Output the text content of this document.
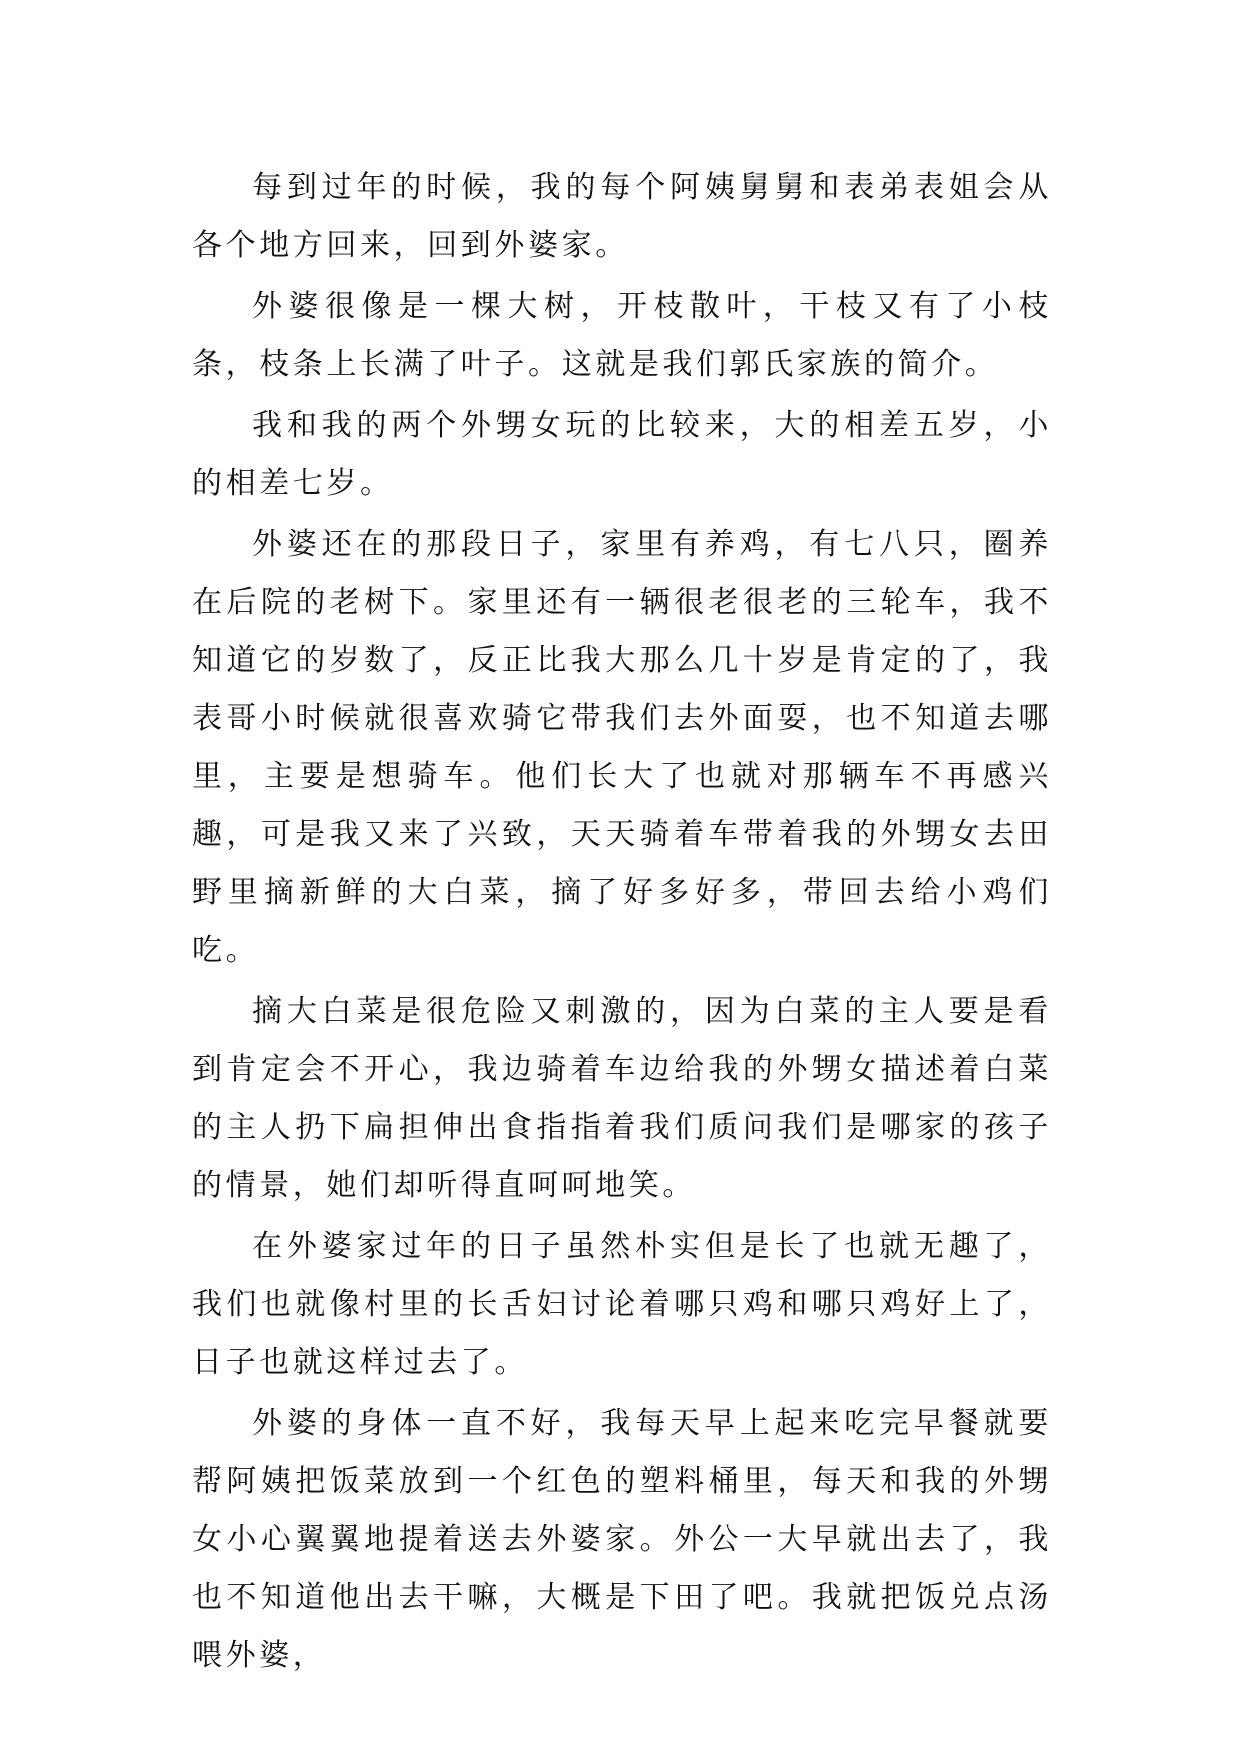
每到过年的时候，我的每个阿姨舅舅和表弟表姐会从各个地方回来，回到外婆家。

外婆很像是一棵大树，开枝散叶，干枝又有了小枝条，枝条上长满了叶子。这就是我们郭氏家族的简介。

我和我的两个外甥女玩的比较来，大的相差五岁，小的相差七岁。

外婆还在的那段日子，家里有养鸡，有七八只，圈养在后院的老树下。家里还有一辆很老很老的三轮车，我不知道它的岁数了，反正比我大那么几十岁是肯定的了，我表哥小时候就很喜欢骑它带我们去外面耍，也不知道去哪里，主要是想骑车。他们长大了也就对那辆车不再感兴趣，可是我又来了兴致，天天骑着车带着我的外甥女去田野里摘新鲜的大白菜，摘了好多好多，带回去给小鸡们吃。

摘大白菜是很危险又刺激的，因为白菜的主人要是看到肯定会不开心，我边骑着车边给我的外甥女描述着白菜的主人扔下扁担伸出食指指着我们质问我们是哪家的孩子的情景，她们却听得直呵呵地笑。

在外婆家过年的日子虽然朴实但是长了也就无趣了，我们也就像村里的长舌妇讨论着哪只鸡和哪只鸡好上了，日子也就这样过去了。

外婆的身体一直不好，我每天早上起来吃完早餐就要帮阿姨把饭菜放到一个红色的塑料桶里，每天和我的外甥女小心翼翼地提着送去外婆家。外公一大早就出去了，我也不知道他出去干嘛，大概是下田了吧。我就把饭兑点汤喂外婆，
